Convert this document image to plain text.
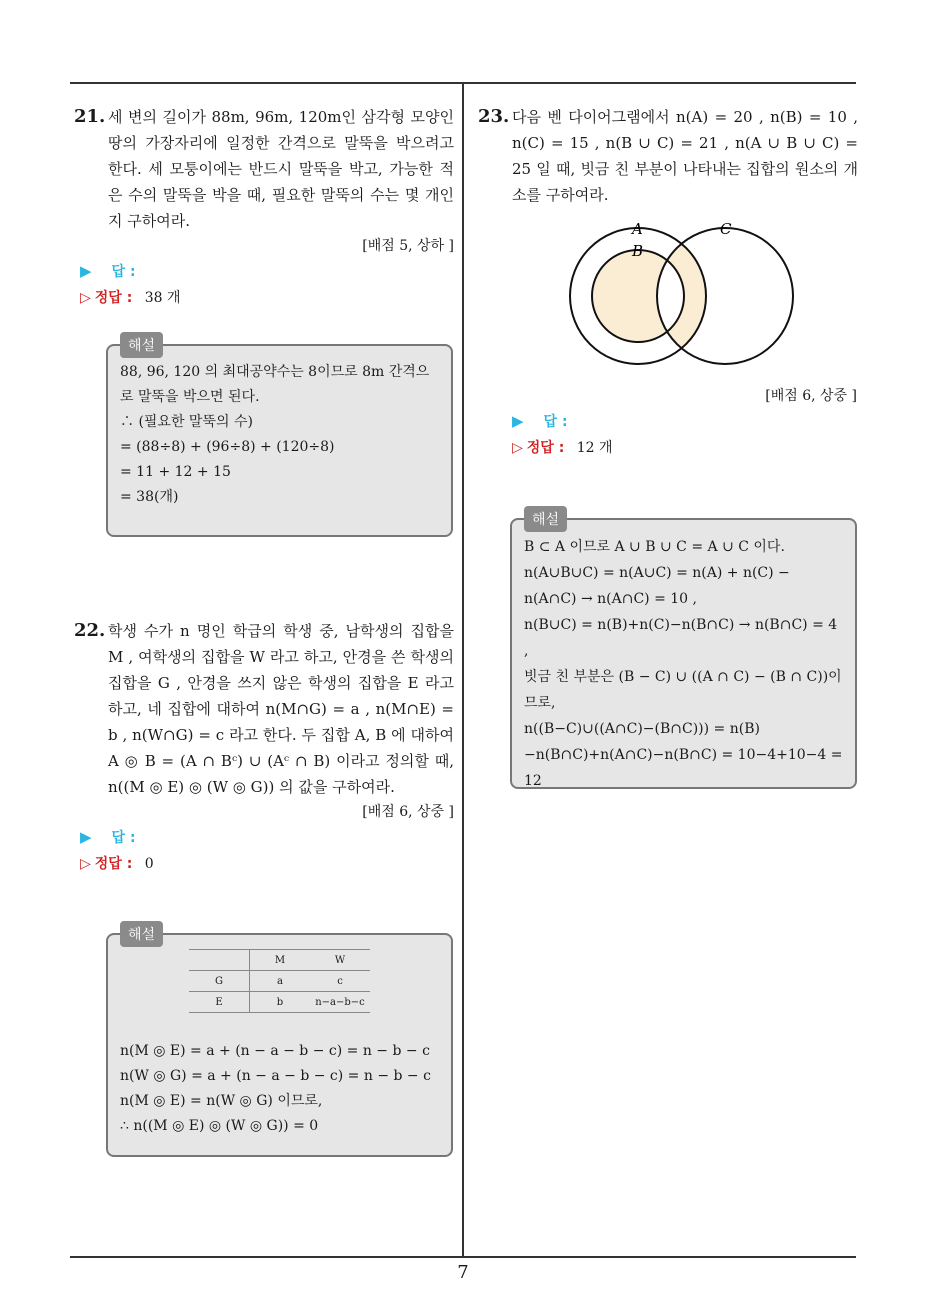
21. 세 변의 길이가 88m, 96m, 120m인 삼각형 모양인 땅의 가장자리에 일정한 간격으로 말뚝을 박으려고 한다. 세 모퉁이에는 반드시 말뚝을 박고, 가능한 적은 수의 말뚝을 박을 때, 필요한 말뚝의 수는 몇 개인지 구하여라.
[배점 5, 상하 ]
▶ 답 :
▷ 정답 : 38 개
해설
88, 96, 120 의 최대공약수는 8이므로 8m 간격으로 말뚝을 박으면 된다.
∴ (필요한 말뚝의 수)
= (88÷8) + (96÷8) + (120÷8)
= 11 + 12 + 15
= 38(개)
22. 학생 수가 n 명인 학급의 학생 중, 남학생의 집합을 M , 여학생의 집합을 W 라고 하고, 안경을 쓴 학생의 집합을 G , 안경을 쓰지 않은 학생의 집합을 E 라고 하고, 네 집합에 대하여 n(M∩G) = a , n(M∩E) = b , n(W∩G) = c 라고 한다. 두 집합 A, B 에 대하여 A ◎ B = (A ∩ Bᶜ) ∪ (Aᶜ ∩ B) 이라고 정의할 때, n((M ◎ E) ◎ (W ◎ G)) 의 값을 구하여라.
[배점 6, 상중 ]
▶ 답 :
▷ 정답 : 0
해설
	M	W
G	a	c
E	b	n−a−b−c
n(M ◎ E) = a + (n − a − b − c) = n − b − c
n(W ◎ G) = a + (n − a − b − c) = n − b − c
n(M ◎ E) = n(W ◎ G) 이므로,
∴ n((M ◎ E) ◎ (W ◎ G)) = 0
23. 다음 벤 다이어그램에서 n(A) = 20 , n(B) = 10 , n(C) = 15 , n(B ∪ C) = 21 , n(A ∪ B ∪ C) = 25 일 때, 빗금 친 부분이 나타내는 집합의 원소의 개소를 구하여라.
A
B
C
[배점 6, 상중 ]
▶ 답 :
▷ 정답 : 12 개
해설
B ⊂ A 이므로 A ∪ B ∪ C = A ∪ C 이다.
n(A∪B∪C) = n(A∪C) = n(A) + n(C) − n(A∩C) → n(A∩C) = 10 ,
n(B∪C) = n(B)+n(C)−n(B∩C) → n(B∩C) = 4 ,
빗금 친 부분은 (B − C) ∪ ((A ∩ C) − (B ∩ C))이므로,
n((B−C)∪((A∩C)−(B∩C))) = n(B)−n(B∩C)+n(A∩C)−n(B∩C) = 10−4+10−4 = 12
7
